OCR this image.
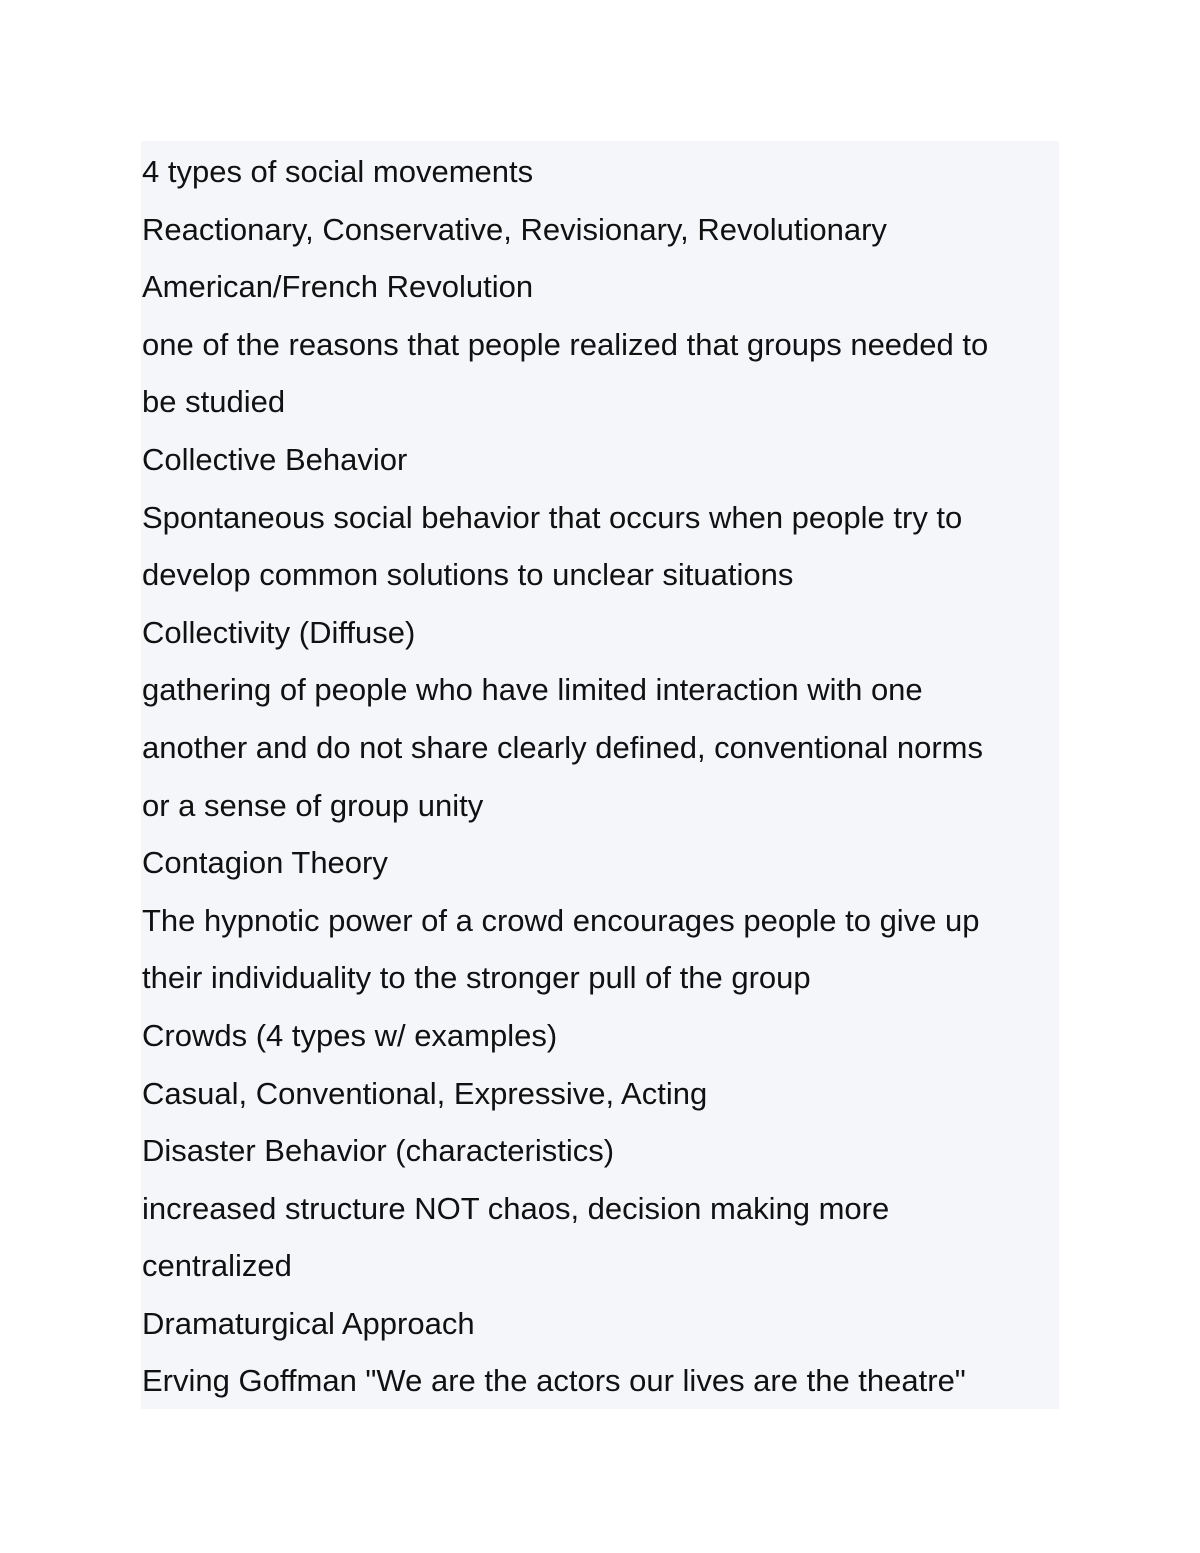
4 types of social movements

Reactionary, Conservative, Revisionary, Revolutionary

American/French Revolution

one of the reasons that people realized that groups needed to

be studied

Collective Behavior

Spontaneous social behavior that occurs when people try to

develop common solutions to unclear situations

Collectivity (Diffuse)

gathering of people who have limited interaction with one

another and do not share clearly defined, conventional norms

or a sense of group unity

Contagion Theory

The hypnotic power of a crowd encourages people to give up

their individuality to the stronger pull of the group

Crowds (4 types w/ examples)

Casual, Conventional, Expressive, Acting

Disaster Behavior (characteristics)

increased structure NOT chaos, decision making more

centralized

Dramaturgical Approach

Erving Goffman "We are the actors our lives are the theatre"
